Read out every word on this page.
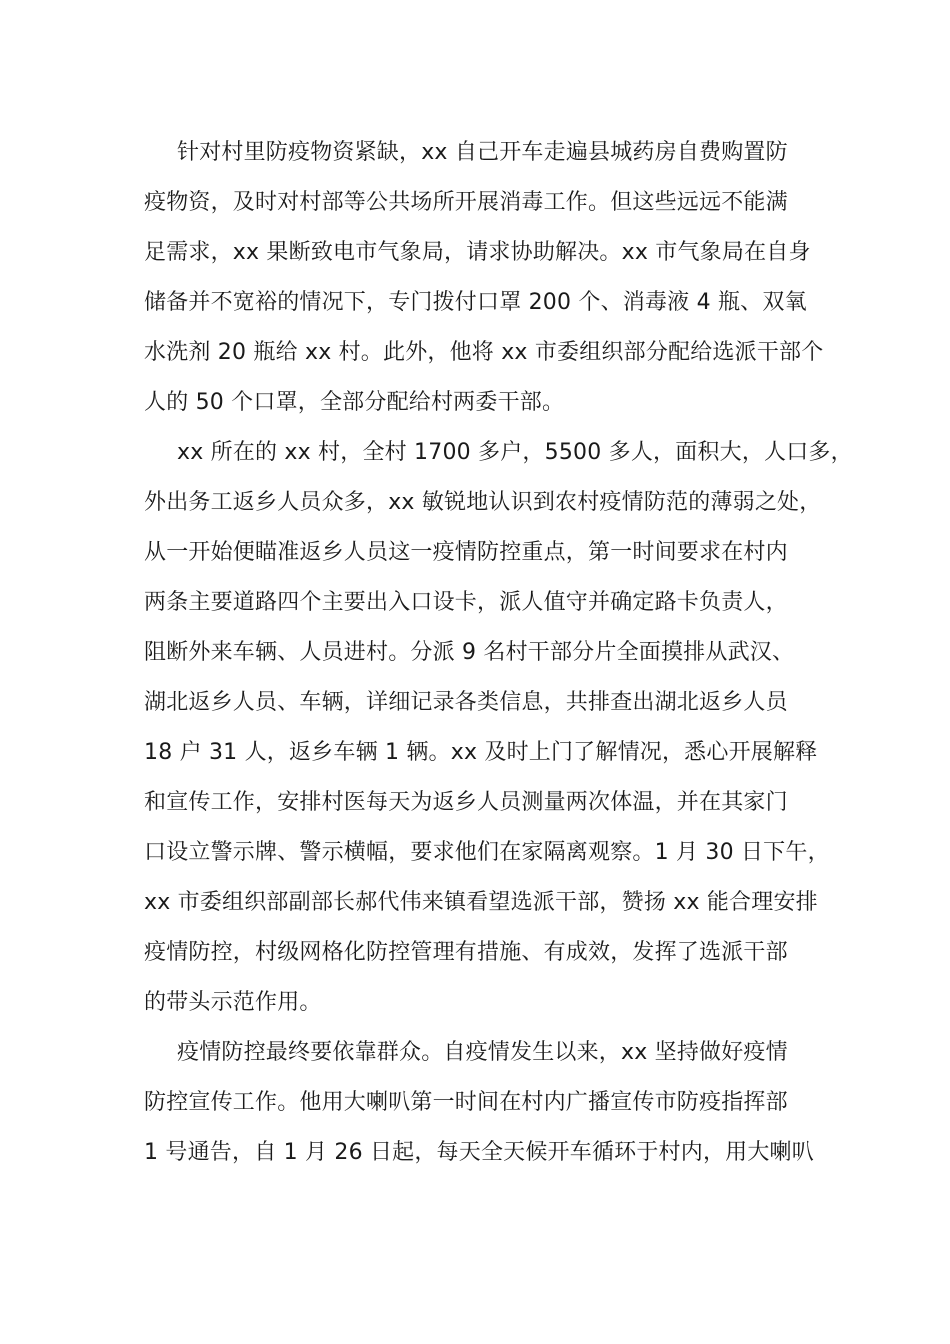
针对村里防疫物资紧缺，xx 自己开车走遍县城药房自费购置防
疫物资，及时对村部等公共场所开展消毒工作。但这些远远不能满
足需求，xx 果断致电市气象局，请求协助解决。xx 市气象局在自身
储备并不宽裕的情况下，专门拨付口罩 200 个、消毒液 4 瓶、双氧
水洗剂 20 瓶给 xx 村。此外，他将 xx 市委组织部分配给选派干部个
人的 50 个口罩，全部分配给村两委干部。
xx 所在的 xx 村，全村 1700 多户，5500 多人，面积大，人口多，
外出务工返乡人员众多，xx 敏锐地认识到农村疫情防范的薄弱之处，
从一开始便瞄准返乡人员这一疫情防控重点，第一时间要求在村内
两条主要道路四个主要出入口设卡，派人值守并确定路卡负责人，
阻断外来车辆、人员进村。分派 9 名村干部分片全面摸排从武汉、
湖北返乡人员、车辆，详细记录各类信息，共排查出湖北返乡人员
18 户 31 人，返乡车辆 1 辆。xx 及时上门了解情况，悉心开展解释
和宣传工作，安排村医每天为返乡人员测量两次体温，并在其家门
口设立警示牌、警示横幅，要求他们在家隔离观察。1 月 30 日下午，
xx 市委组织部副部长郝代伟来镇看望选派干部，赞扬 xx 能合理安排
疫情防控，村级网格化防控管理有措施、有成效，发挥了选派干部
的带头示范作用。
疫情防控最终要依靠群众。自疫情发生以来，xx 坚持做好疫情
防控宣传工作。他用大喇叭第一时间在村内广播宣传市防疫指挥部
1 号通告，自 1 月 26 日起，每天全天候开车循环于村内，用大喇叭
